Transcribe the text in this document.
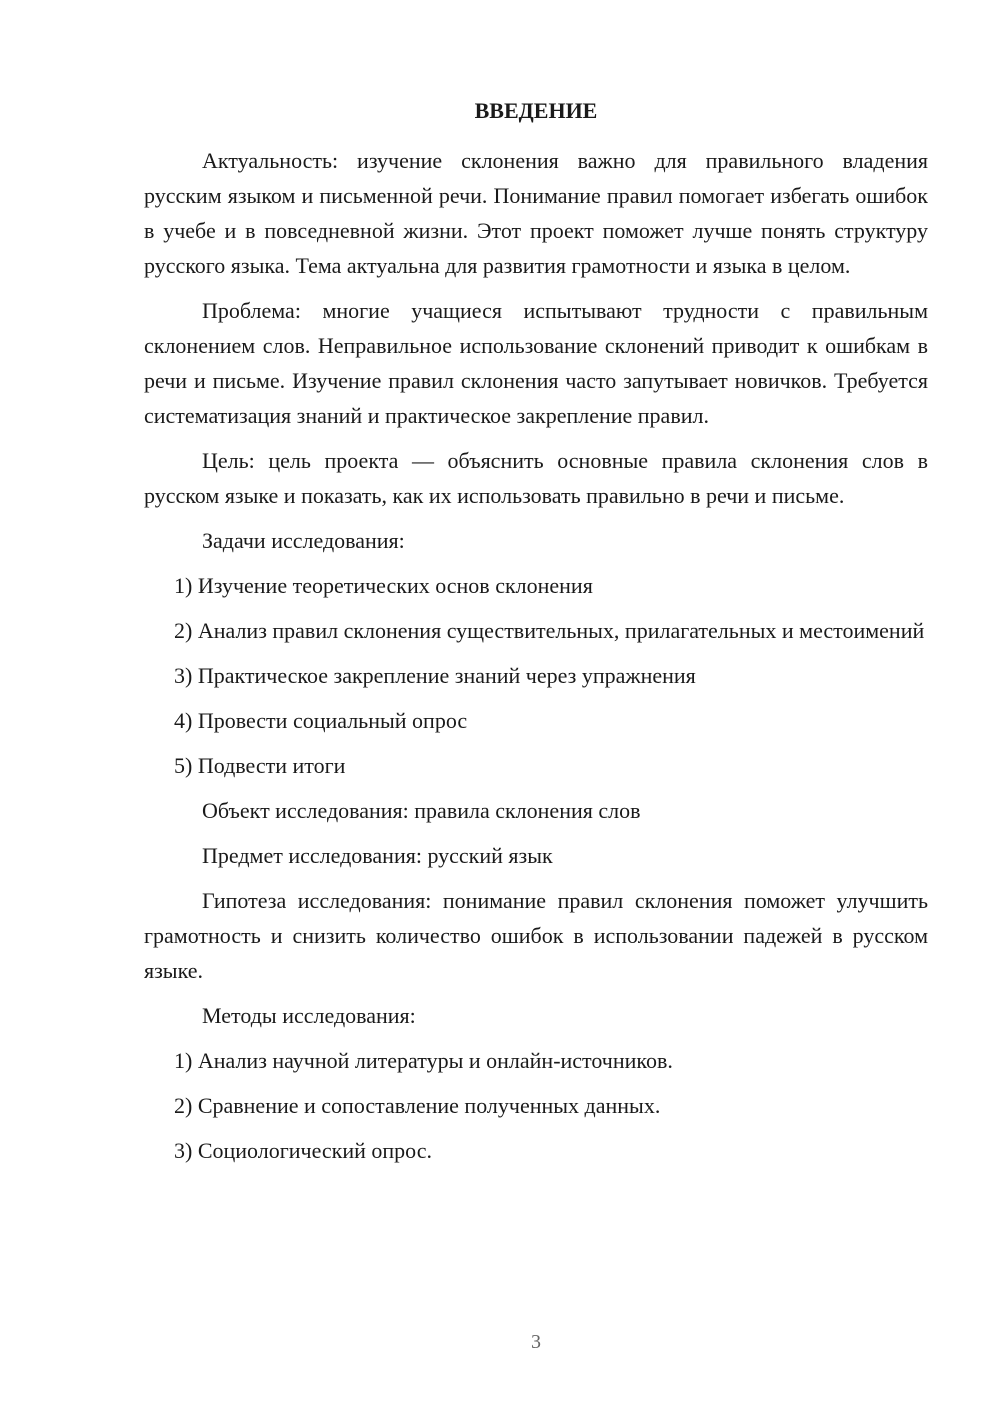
ВВЕДЕНИЕ

Актуальность: изучение склонения важно для правильного владения русским языком и письменной речи. Понимание правил помогает избегать ошибок в учебе и в повседневной жизни. Этот проект поможет лучше понять структуру русского языка. Тема актуальна для развития грамотности и языка в целом.

Проблема: многие учащиеся испытывают трудности с правильным склонением слов. Неправильное использование склонений приводит к ошибкам в речи и письме. Изучение правил склонения часто запутывает новичков. Требуется систематизация знаний и практическое закрепление правил.

Цель: цель проекта — объяснить основные правила склонения слов в русском языке и показать, как их использовать правильно в речи и письме.

Задачи исследования:

1) Изучение теоретических основ склонения

2) Анализ правил склонения существительных, прилагательных и местоимений

3) Практическое закрепление знаний через упражнения

4) Провести социальный опрос

5) Подвести итоги

Объект исследования: правила склонения слов

Предмет исследования: русский язык

Гипотеза исследования: понимание правил склонения поможет улучшить грамотность и снизить количество ошибок в использовании падежей в русском языке.

Методы исследования:

1) Анализ научной литературы и онлайн-источников.

2) Сравнение и сопоставление полученных данных.

3) Социологический опрос.

3
